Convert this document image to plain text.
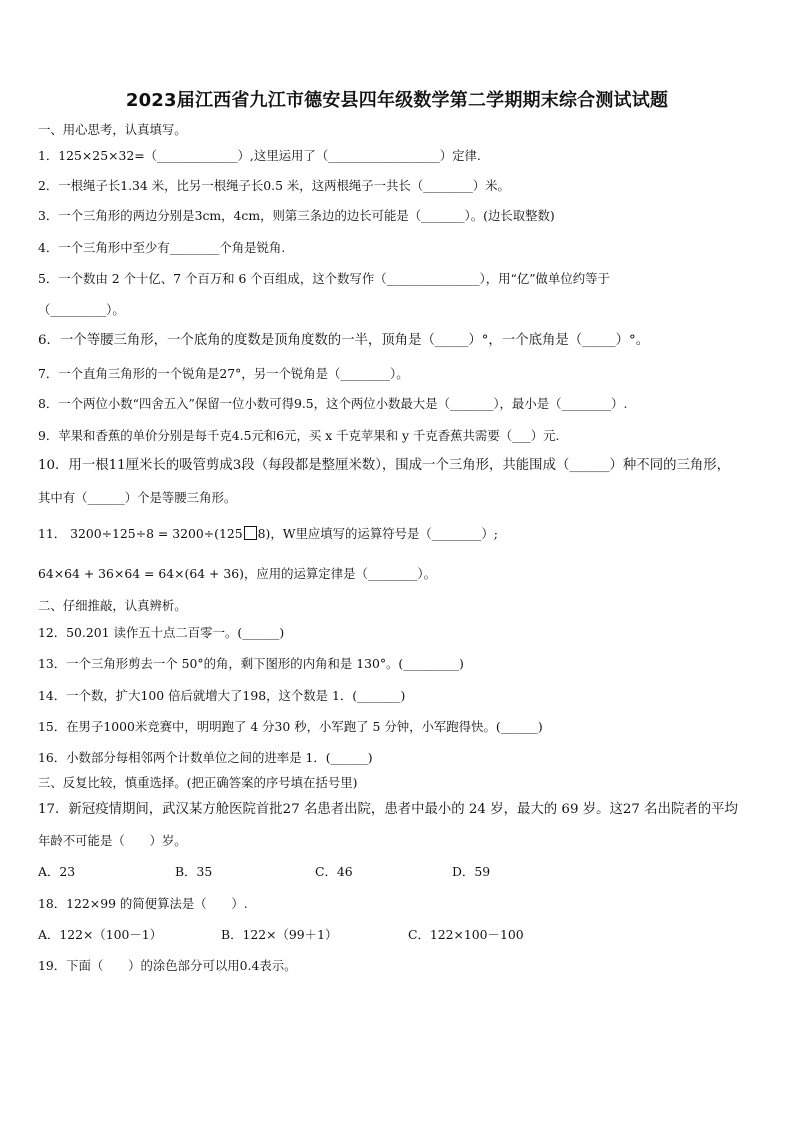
2023届江西省九江市德安县四年级数学第二学期期末综合测试试题
一、用心思考，认真填写。
1．125×25×32=（_____________）,这里运用了（__________________）定律.
2．一根绳子长1.34 米，比另一根绳子长0.5 米，这两根绳子一共长（________）米。
3．一个三角形的两边分别是3cm，4cm，则第三条边的边长可能是（_______）。(边长取整数)
4．一个三角形中至少有________个角是锐角.
5．一个数由 2 个十亿、7 个百万和 6 个百组成，这个数写作（_______________），用“亿”做单位约等于
（_________）。
6．一个等腰三角形，一个底角的度数是顶角度数的一半，顶角是（_____）°，一个底角是（_____）°。
7．一个直角三角形的一个锐角是27°，另一个锐角是（________）。
8．一个两位小数“四舍五入”保留一位小数可得9.5，这个两位小数最大是（_______），最小是（________）.
9．苹果和香蕉的单价分别是每千克4.5元和6元，买 x 千克苹果和 y 千克香蕉共需要（___）元.
10．用一根11厘米长的吸管剪成3段（每段都是整厘米数），围成一个三角形，共能围成（______）种不同的三角形，
其中有（______）个是等腰三角形。
11． 3200÷125÷8 = 3200÷(125 8)，W里应填写的运算符号是（________）;
64×64 + 36×64 = 64×(64 + 36)，应用的运算定律是（________）。
二、仔细推敲，认真辨析。
12．50.201 读作五十点二百零一。(______)
13．一个三角形剪去一个 50°的角，剩下图形的内角和是 130°。(_________)
14．一个数，扩大100 倍后就增大了198，这个数是 1．(_______)
15．在男子1000米竞赛中，明明跑了 4 分30 秒，小军跑了 5 分钟，小军跑得快。(______)
16．小数部分每相邻两个计数单位之间的进率是 1．(______)
三、反复比较，慎重选择。(把正确答案的序号填在括号里)
17．新冠疫情期间，武汉某方舱医院首批27 名患者出院，患者中最小的 24 岁，最大的 69 岁。这27 名出院者的平均
年龄不可能是（　　）岁。
A．23	B．35	C．46	D．59
18．122×99 的简便算法是（　　）.
A．122×（100－1）	B．122×（99＋1）	C．122×100－100
19．下面（　　）的涂色部分可以用0.4表示。
